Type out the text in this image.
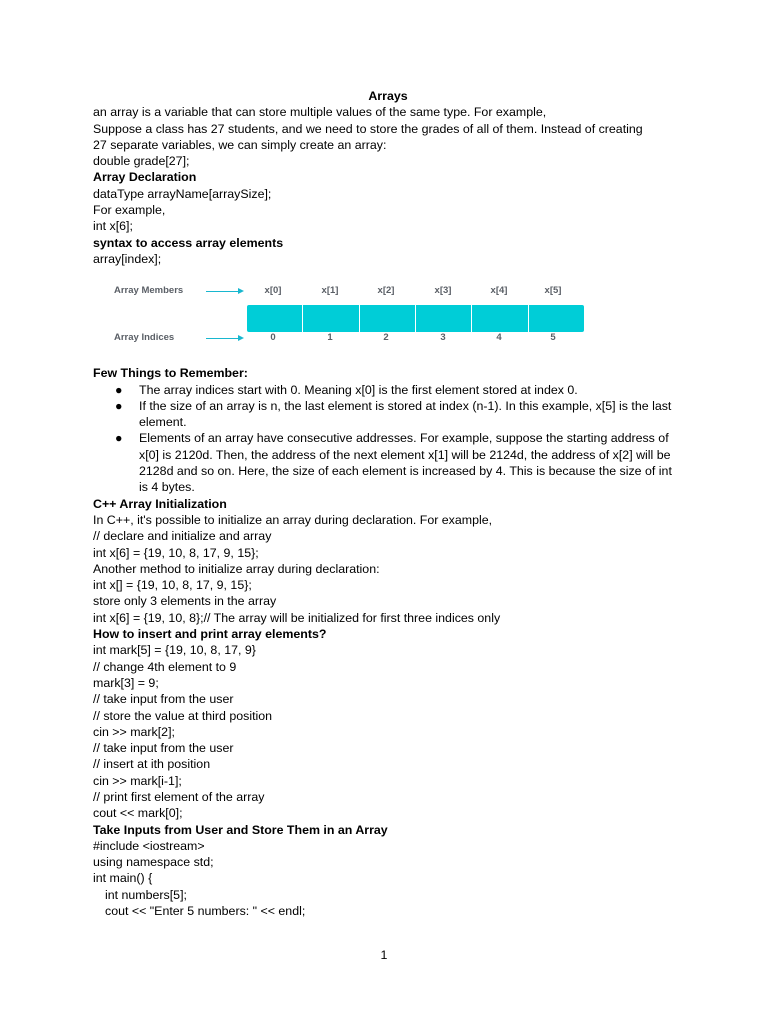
Arrays
an array is a variable that can store multiple values of the same type. For example,
Suppose a class has 27 students, and we need to store the grades of all of them. Instead of creating
27 separate variables, we can simply create an array:
double grade[27];
Array Declaration
dataType arrayName[arraySize];
For example,
int x[6];
syntax to access array elements
array[index];
Array Members
Array Indices
x[0]	x[1]	x[2]	x[3]	x[4]	x[5]
0	1	2	3	4	5
Few Things to Remember:
● The array indices start with 0. Meaning x[0] is the first element stored at index 0.
● If the size of an array is n, the last element is stored at index (n-1). In this example, x[5] is the last element.
● Elements of an array have consecutive addresses. For example, suppose the starting address of x[0] is 2120d. Then, the address of the next element x[1] will be 2124d, the address of x[2] will be 2128d and so on. Here, the size of each element is increased by 4. This is because the size of int is 4 bytes.
C++ Array Initialization
In C++, it's possible to initialize an array during declaration. For example,
// declare and initialize and array
int x[6] = {19, 10, 8, 17, 9, 15};
Another method to initialize array during declaration:
int x[] = {19, 10, 8, 17, 9, 15};
store only 3 elements in the array
int x[6] = {19, 10, 8};// The array will be initialized for first three indices only
How to insert and print array elements?
int mark[5] = {19, 10, 8, 17, 9}
// change 4th element to 9
mark[3] = 9;
// take input from the user
// store the value at third position
cin >> mark[2];
// take input from the user
// insert at ith position
cin >> mark[i-1];
// print first element of the array
cout << mark[0];
Take Inputs from User and Store Them in an Array
#include <iostream>
using namespace std;
int main() {
int numbers[5];
cout << "Enter 5 numbers: " << endl;
1
